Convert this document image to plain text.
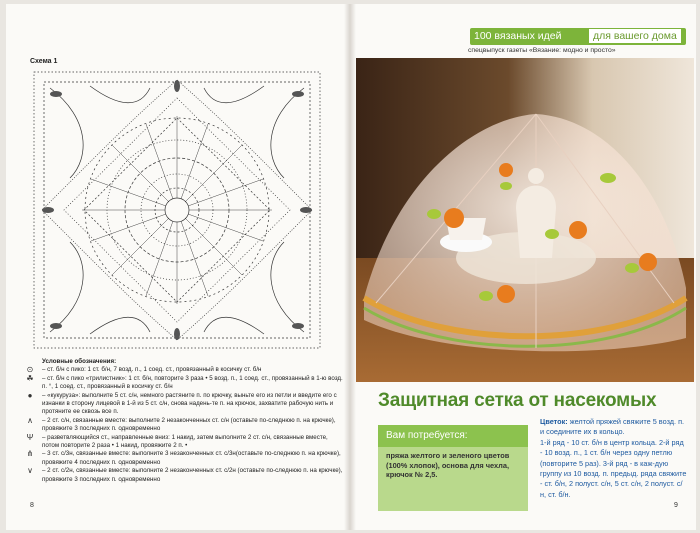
Схема 1
Условные обозначения:
⊙	– ст. б/н с пико: 1 ст. б/н, 7 возд. п., 1 соед. ст., провязанный в косичку ст. б/н
☘	– ст. б/н с пико «трилистник»: 1 ст. б/н, повторите 3 раза • 5 возд. п., 1 соед. ст., провязанный в 1-ю возд. п. °, 1 соед. ст., провязанный в косичку ст. б/н
●	– «кукуруза»: выполните 5 ст. с/н, немного растяните п. по крючку, выньте его из петли и введите его с изнанки в сторону лицевой в 1-й из 5 ст. с/н, снова надень-те п. на крючок, захватите рабочую нить и протяните ее сквозь все п.
∧	– 2 ст. с/н, связанные вместе: выполните 2 незаконченных ст. с/н (оставьте по-следнюю п. на крючке), провяжите 3 последних п. одновременно
Ψ	– разветвляющийся ст., направленные вниз: 1 накид, затем выполните 2 ст. с/н, связанные вместе, потом повторите 2 раза • 1 накид, провяжите 2 п. •
⋔	– 3 ст. с/3н, связанные вместе: выполните 3 незаконченных ст. с/3н(оставьте по-следнюю п. на крючке), провяжите 4 последних п. одновременно
∨	– 2 ст. с/2н, связанные вместе: выполните 2 незаконченных ст. с/2н (оставьте по-следнюю п. на крючке), провяжите 3 последних п. одновременно
8
100 вязаных идей	для вашего дома
спецвыпуск газеты «Вязание: модно и просто»
Защитная сетка от насекомых
Вам потребуется:
пряжа желтого и зеленого цветов (100% хлопок), основа для чехла, крючок № 2,5.
Цветок: желтой пряжей свяжите 5 возд. п. и соедините их в кольцо.
1-й ряд - 10 ст. б/н в центр кольца. 2-й ряд - 10 возд. п., 1 ст. б/н через одну петлю (повторите 5 раз). 3-й ряд - в каж-дую группу из 10 возд. п. предыд. ряда свяжите - ст. б/н, 2 полуст. с/н, 5 ст. с/н, 2 полуст. с/н, ст. б/н.
9
